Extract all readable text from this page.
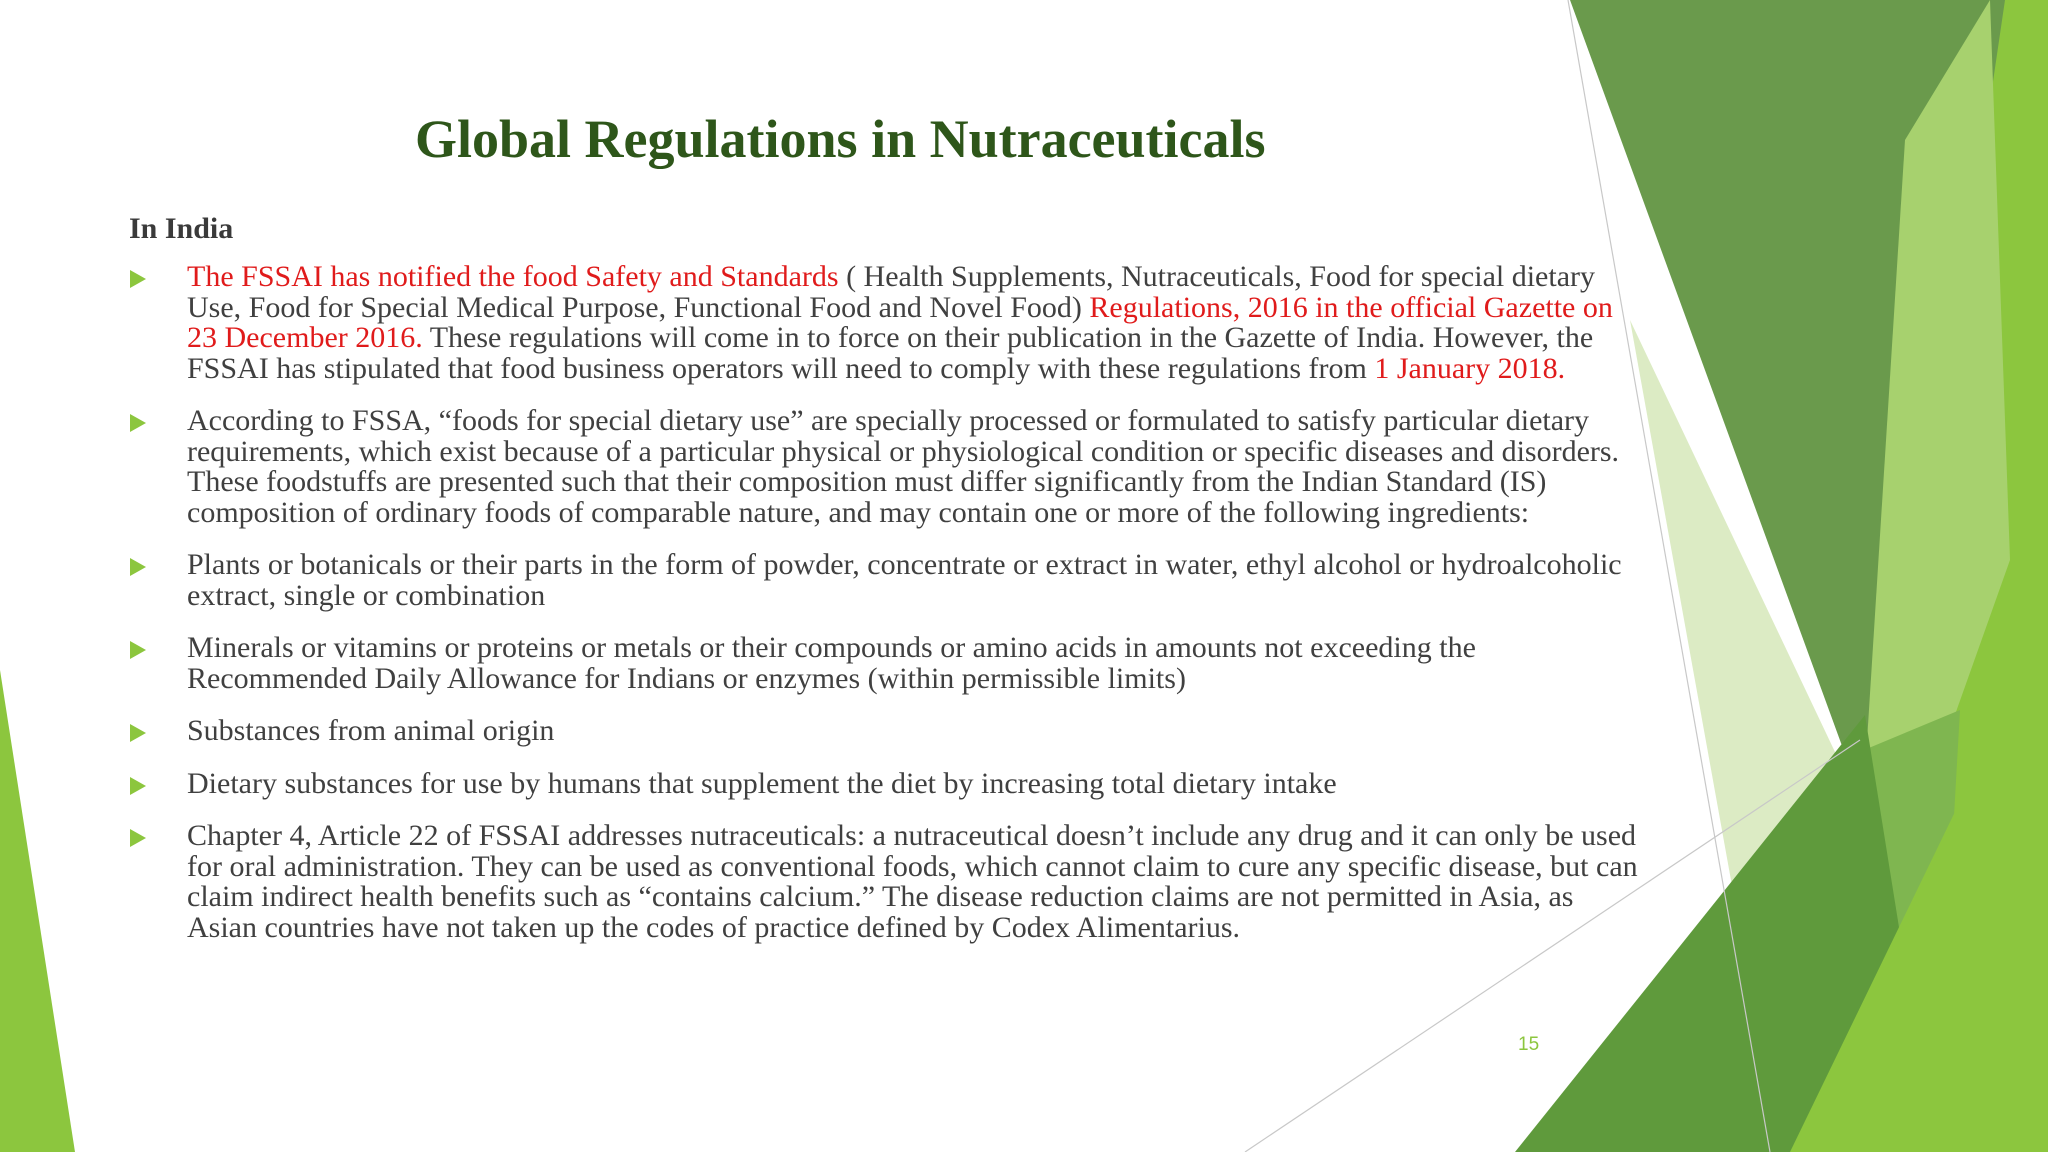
Global Regulations in Nutraceuticals
In India
The FSSAI has notified the food Safety and Standards ( Health Supplements, Nutraceuticals, Food for special dietary Use, Food for Special Medical Purpose, Functional Food and Novel Food) Regulations, 2016 in the official Gazette on 23 December 2016. These regulations will come in to force on their publication in the Gazette of India. However, the FSSAI has stipulated that food business operators will need to comply with these regulations from 1 January 2018.
According to FSSA, “foods for special dietary use” are specially processed or formulated to satisfy particular dietary requirements, which exist because of a particular physical or physiological condition or specific diseases and disorders. These foodstuffs are presented such that their composition must differ significantly from the Indian Standard (IS) composition of ordinary foods of comparable nature, and may contain one or more of the following ingredients:
Plants or botanicals or their parts in the form of powder, concentrate or extract in water, ethyl alcohol or hydroalcoholic extract, single or combination
Minerals or vitamins or proteins or metals or their compounds or amino acids in amounts not exceeding the Recommended Daily Allowance for Indians or enzymes (within permissible limits)
Substances from animal origin
Dietary substances for use by humans that supplement the diet by increasing total dietary intake
Chapter 4, Article 22 of FSSAI addresses nutraceuticals: a nutraceutical doesn’t include any drug and it can only be used for oral administration. They can be used as conventional foods, which cannot claim to cure any specific disease, but can claim indirect health benefits such as “contains calcium.” The disease reduction claims are not permitted in Asia, as Asian countries have not taken up the codes of practice defined by Codex Alimentarius.
15
